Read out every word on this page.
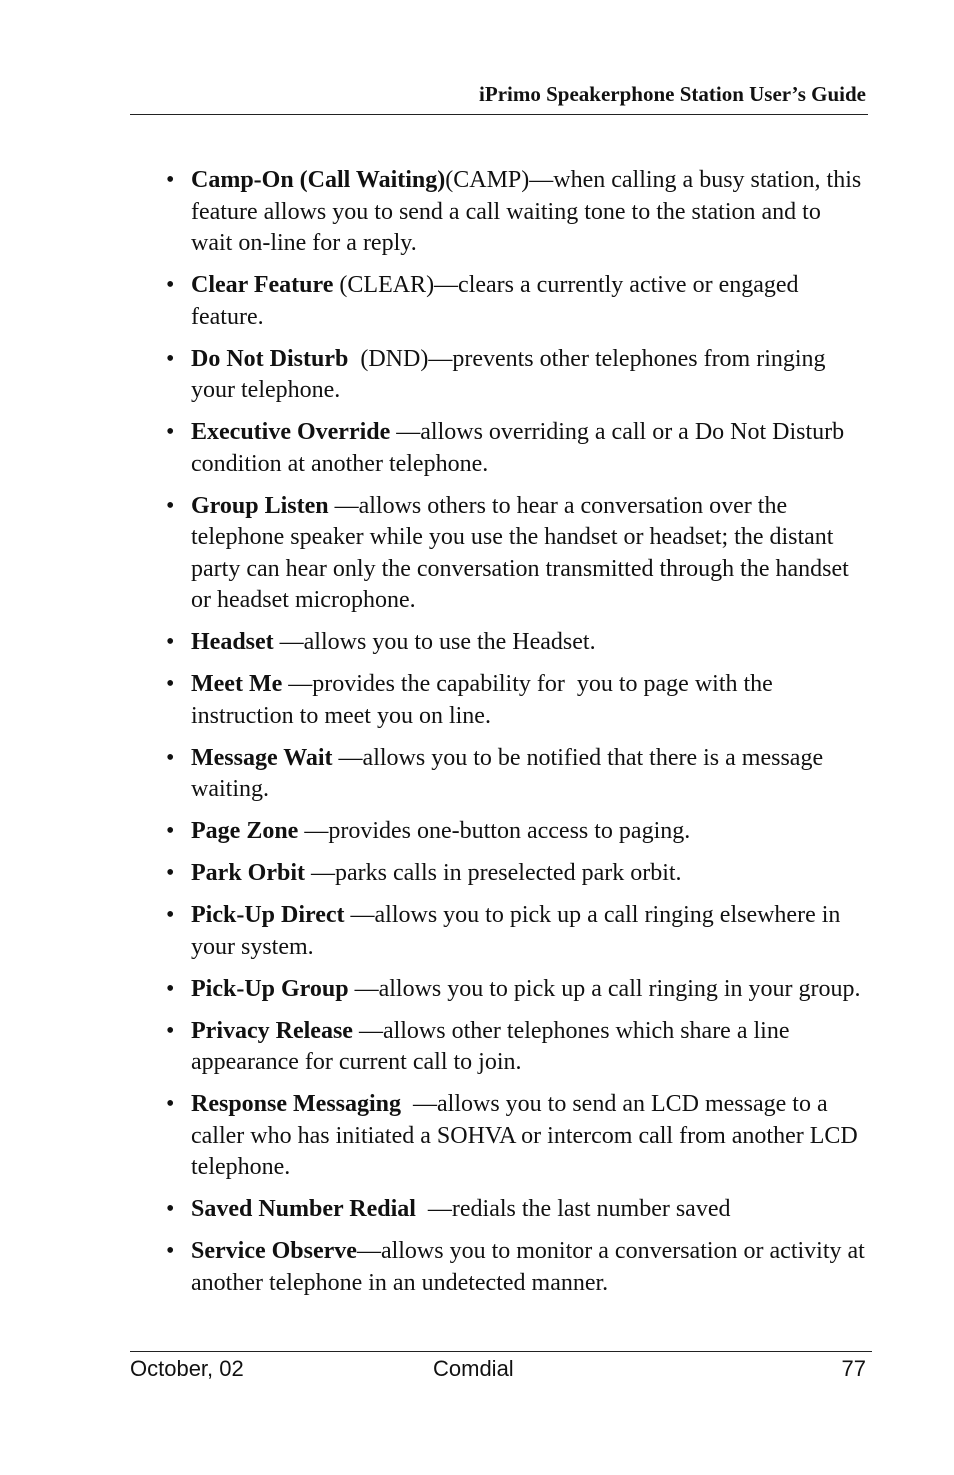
iPrimo Speakerphone Station User’s Guide
• Camp-On (Call Waiting)(CAMP)—when calling a busy station, this feature allows you to send a call waiting tone to the station and to wait on-line for a reply.
• Clear Feature (CLEAR)—clears a currently active or engaged feature.
• Do Not Disturb  (DND)—prevents other telephones from ringing your telephone.
• Executive Override —allows overriding a call or a Do Not Disturb condition at another telephone.
• Group Listen —allows others to hear a conversation over the telephone speaker while you use the handset or headset; the distant party can hear only the conversation transmitted through the handset or headset microphone.
• Headset —allows you to use the Headset.
• Meet Me —provides the capability for  you to page with the instruction to meet you on line.
• Message Wait —allows you to be notified that there is a message waiting.
• Page Zone —provides one-button access to paging.
• Park Orbit —parks calls in preselected park orbit.
• Pick-Up Direct —allows you to pick up a call ringing elsewhere in your system.
• Pick-Up Group —allows you to pick up a call ringing in your group.
• Privacy Release —allows other telephones which share a line appearance for current call to join.
• Response Messaging  —allows you to send an LCD message to a caller who has initiated a SOHVA or intercom call from another LCD telephone.
• Saved Number Redial  —redials the last number saved
• Service Observe—allows you to monitor a conversation or activity at another telephone in an undetected manner.
October, 02	Comdial	77
